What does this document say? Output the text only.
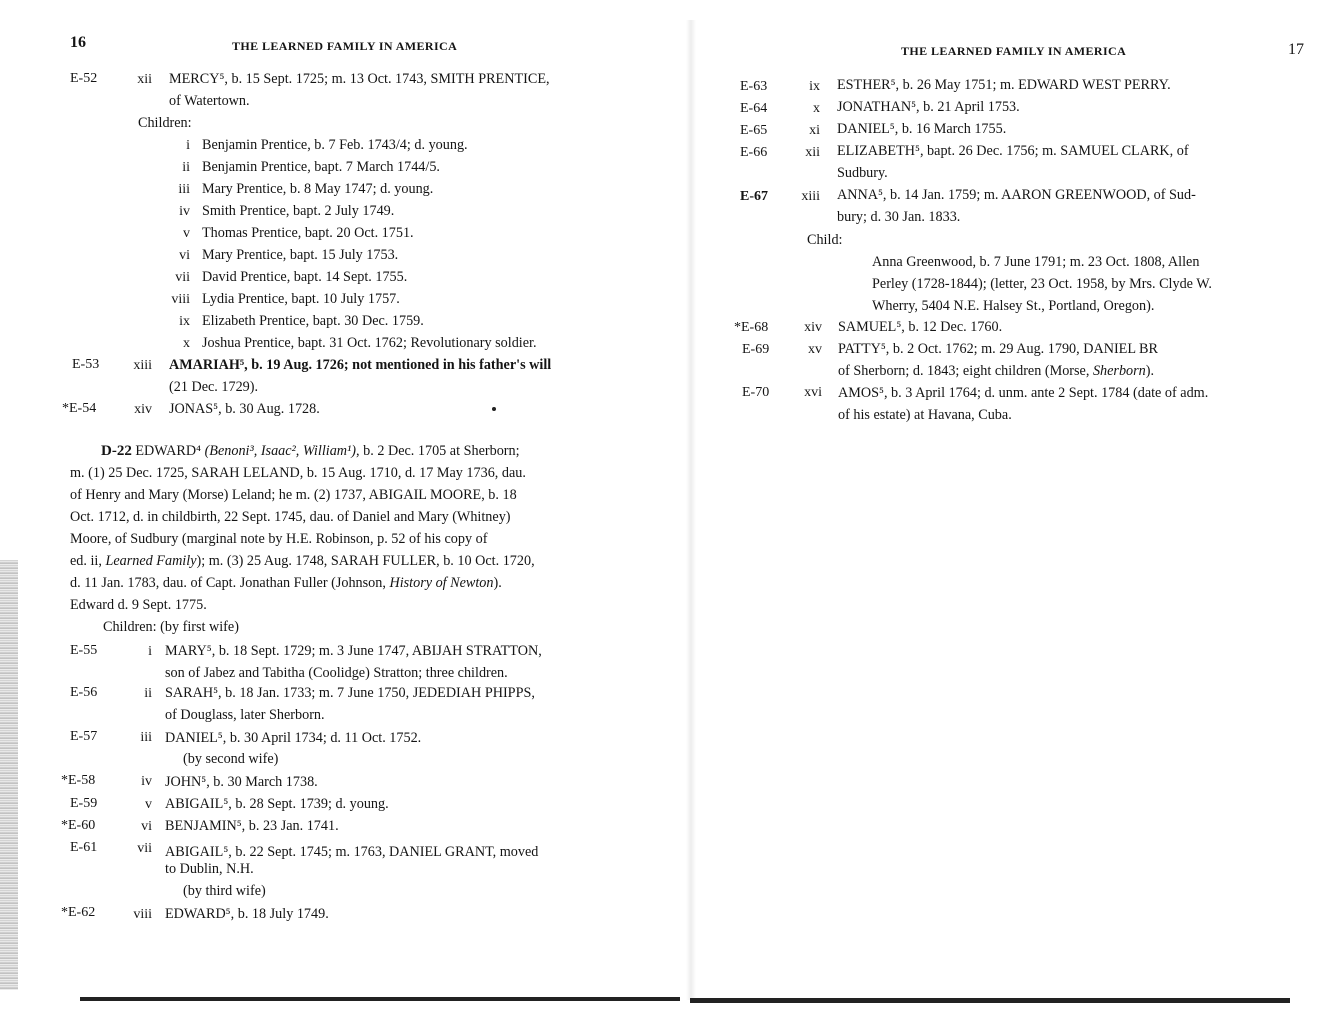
16	THE LEARNED FAMILY IN AMERICA
E-52	xii MERCY⁵, b. 15 Sept. 1725; m. 13 Oct. 1743, SMITH PRENTICE,
of Watertown.
Children:
i Benjamin Prentice, b. 7 Feb. 1743/4; d. young.
ii Benjamin Prentice, bapt. 7 March 1744/5.
iii Mary Prentice, b. 8 May 1747; d. young.
iv Smith Prentice, bapt. 2 July 1749.
v Thomas Prentice, bapt. 20 Oct. 1751.
vi Mary Prentice, bapt. 15 July 1753.
vii David Prentice, bapt. 14 Sept. 1755.
viii Lydia Prentice, bapt. 10 July 1757.
ix Elizabeth Prentice, bapt. 30 Dec. 1759.
x Joshua Prentice, bapt. 31 Oct. 1762; Revolutionary soldier.
E-53	xiii AMARIAH⁵, b. 19 Aug. 1726; not mentioned in his father's will
(21 Dec. 1729).
*E-54	xiv JONAS⁵, b. 30 Aug. 1728.
D-22 EDWARD⁴ (Benoni³, Isaac², William¹), b. 2 Dec. 1705 at Sherborn;
m. (1) 25 Dec. 1725, SARAH LELAND, b. 15 Aug. 1710, d. 17 May 1736, dau.
of Henry and Mary (Morse) Leland; he m. (2) 1737, ABIGAIL MOORE, b. 18
Oct. 1712, d. in childbirth, 22 Sept. 1745, dau. of Daniel and Mary (Whitney)
Moore, of Sudbury (marginal note by H.E. Robinson, p. 52 of his copy of
ed. ii, Learned Family); m. (3) 25 Aug. 1748, SARAH FULLER, b. 10 Oct. 1720,
d. 11 Jan. 1783, dau. of Capt. Jonathan Fuller (Johnson, History of Newton).
Edward d. 9 Sept. 1775.
Children: (by first wife)
E-55	i MARY⁵, b. 18 Sept. 1729; m. 3 June 1747, ABIJAH STRATTON,
son of Jabez and Tabitha (Coolidge) Stratton; three children.
E-56	ii SARAH⁵, b. 18 Jan. 1733; m. 7 June 1750, JEDEDIAH PHIPPS,
of Douglass, later Sherborn.
E-57	iii DANIEL⁵, b. 30 April 1734; d. 11 Oct. 1752.
(by second wife)
*E-58	iv JOHN⁵, b. 30 March 1738.
E-59	v ABIGAIL⁵, b. 28 Sept. 1739; d. young.
*E-60	vi BENJAMIN⁵, b. 23 Jan. 1741.
E-61	vii ABIGAIL⁵, b. 22 Sept. 1745; m. 1763, DANIEL GRANT, moved
to Dublin, N.H.
(by third wife)
*E-62	viii EDWARD⁵, b. 18 July 1749.
THE LEARNED FAMILY IN AMERICA	17
E-63	ix ESTHER⁵, b. 26 May 1751; m. EDWARD WEST PERRY.
E-64	x JONATHAN⁵, b. 21 April 1753.
E-65	xi DANIEL⁵, b. 16 March 1755.
E-66	xii ELIZABETH⁵, bapt. 26 Dec. 1756; m. SAMUEL CLARK, of
Sudbury.
E-67	xiii ANNA⁵, b. 14 Jan. 1759; m. AARON GREENWOOD, of Sud-
bury; d. 30 Jan. 1833.
Child:
Anna Greenwood, b. 7 June 1791; m. 23 Oct. 1808, Allen
Perley (1728-1844); (letter, 23 Oct. 1958, by Mrs. Clyde W.
Wherry, 5404 N.E. Halsey St., Portland, Oregon).
*E-68	xiv SAMUEL⁵, b. 12 Dec. 1760.
E-69	xv PATTY⁵, b. 2 Oct. 1762; m. 29 Aug. 1790, DANIEL BR
of Sherborn; d. 1843; eight children (Morse, Sherborn).
E-70	xvi AMOS⁵, b. 3 April 1764; d. unm. ante 2 Sept. 1784 (date of adm.
of his estate) at Havana, Cuba.
